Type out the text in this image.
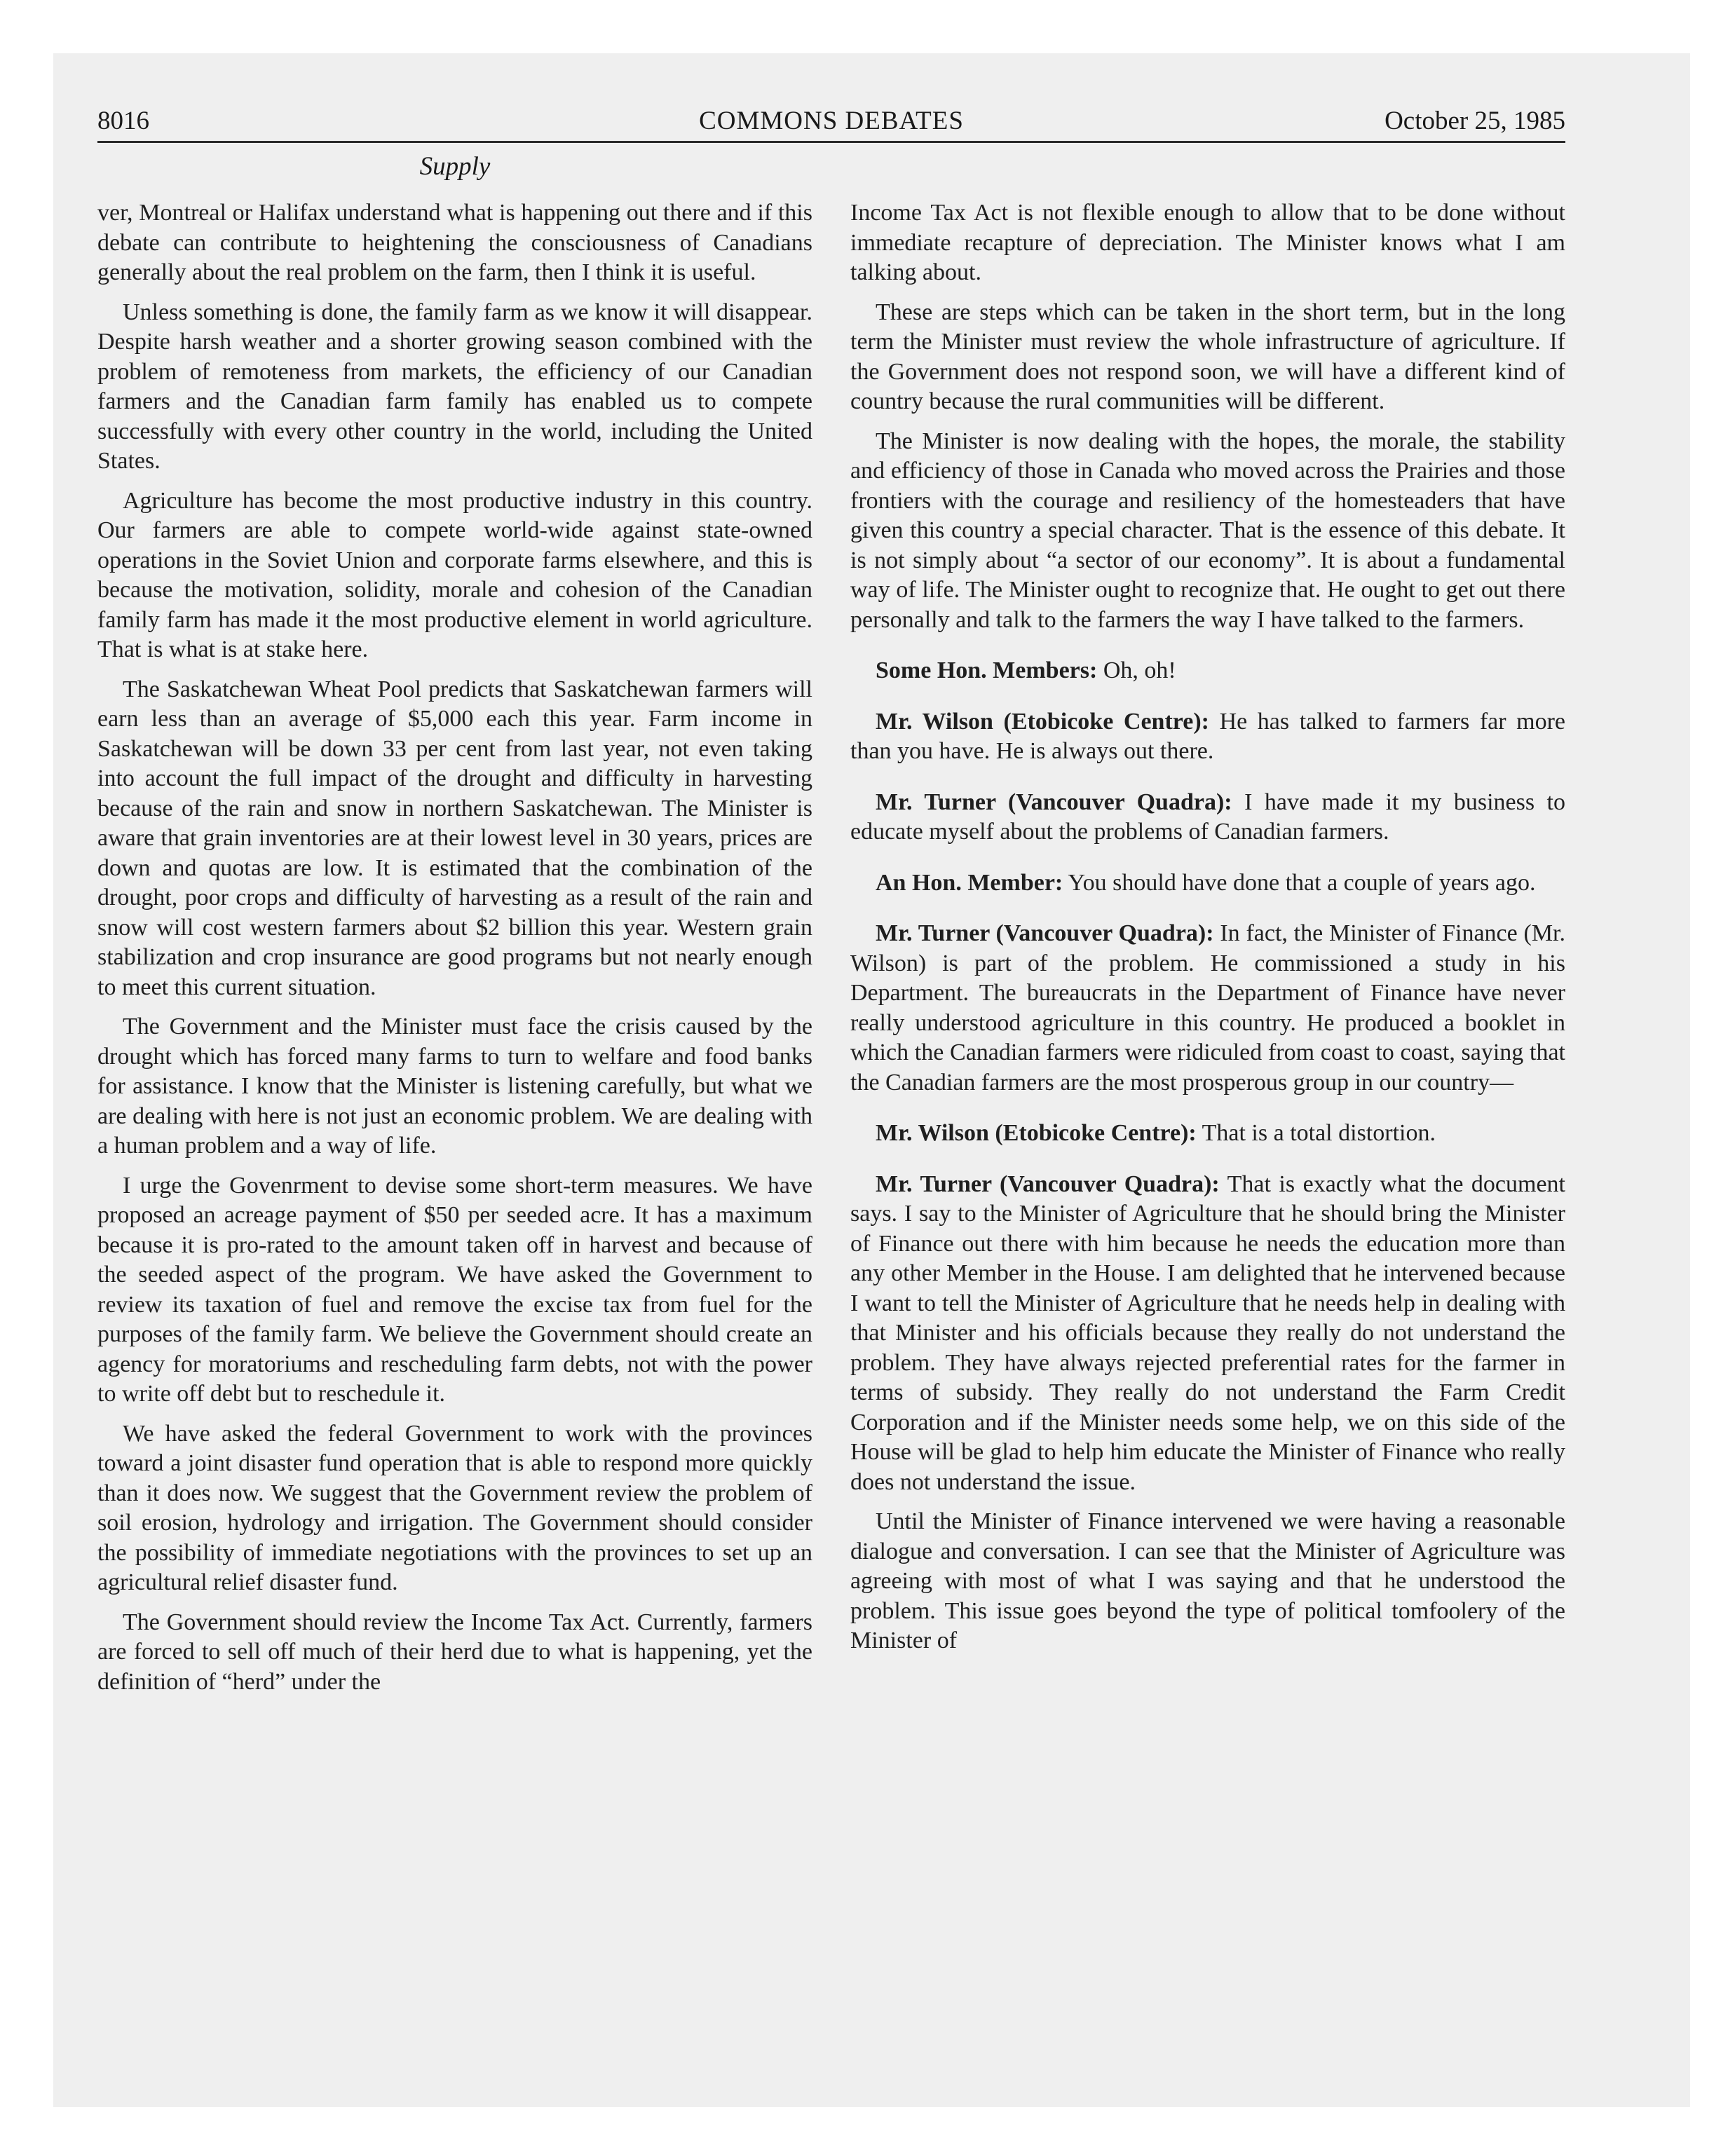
8016	COMMONS DEBATES	October 25, 1985
Supply

ver, Montreal or Halifax understand what is happening out there and if this debate can contribute to heightening the consciousness of Canadians generally about the real problem on the farm, then I think it is useful.

Unless something is done, the family farm as we know it will disappear. Despite harsh weather and a shorter growing season combined with the problem of remoteness from markets, the efficiency of our Canadian farmers and the Canadian farm family has enabled us to compete successfully with every other country in the world, including the United States.

Agriculture has become the most productive industry in this country. Our farmers are able to compete world-wide against state-owned operations in the Soviet Union and corporate farms elsewhere, and this is because the motivation, solidity, morale and cohesion of the Canadian family farm has made it the most productive element in world agriculture. That is what is at stake here.

The Saskatchewan Wheat Pool predicts that Saskatchewan farmers will earn less than an average of $5,000 each this year. Farm income in Saskatchewan will be down 33 per cent from last year, not even taking into account the full impact of the drought and difficulty in harvesting because of the rain and snow in northern Saskatchewan. The Minister is aware that grain inventories are at their lowest level in 30 years, prices are down and quotas are low. It is estimated that the combination of the drought, poor crops and difficulty of harvesting as a result of the rain and snow will cost western farmers about $2 billion this year. Western grain stabilization and crop insurance are good programs but not nearly enough to meet this current situation.

The Government and the Minister must face the crisis caused by the drought which has forced many farms to turn to welfare and food banks for assistance. I know that the Minister is listening carefully, but what we are dealing with here is not just an economic problem. We are dealing with a human problem and a way of life.

I urge the Govenrment to devise some short-term measures. We have proposed an acreage payment of $50 per seeded acre. It has a maximum because it is pro-rated to the amount taken off in harvest and because of the seeded aspect of the program. We have asked the Government to review its taxation of fuel and remove the excise tax from fuel for the purposes of the family farm. We believe the Government should create an agency for moratoriums and rescheduling farm debts, not with the power to write off debt but to reschedule it.

We have asked the federal Government to work with the provinces toward a joint disaster fund operation that is able to respond more quickly than it does now. We suggest that the Government review the problem of soil erosion, hydrology and irrigation. The Government should consider the possibility of immediate negotiations with the provinces to set up an agricultural relief disaster fund.

The Government should review the Income Tax Act. Currently, farmers are forced to sell off much of their herd due to what is happening, yet the definition of “herd” under the

Income Tax Act is not flexible enough to allow that to be done without immediate recapture of depreciation. The Minister knows what I am talking about.

These are steps which can be taken in the short term, but in the long term the Minister must review the whole infrastructure of agriculture. If the Government does not respond soon, we will have a different kind of country because the rural communities will be different.

The Minister is now dealing with the hopes, the morale, the stability and efficiency of those in Canada who moved across the Prairies and those frontiers with the courage and resiliency of the homesteaders that have given this country a special character. That is the essence of this debate. It is not simply about “a sector of our economy”. It is about a fundamental way of life. The Minister ought to recognize that. He ought to get out there personally and talk to the farmers the way I have talked to the farmers.

Some Hon. Members: Oh, oh!

Mr. Wilson (Etobicoke Centre): He has talked to farmers far more than you have. He is always out there.

Mr. Turner (Vancouver Quadra): I have made it my business to educate myself about the problems of Canadian farmers.

An Hon. Member: You should have done that a couple of years ago.

Mr. Turner (Vancouver Quadra): In fact, the Minister of Finance (Mr. Wilson) is part of the problem. He commissioned a study in his Department. The bureaucrats in the Department of Finance have never really understood agriculture in this country. He produced a booklet in which the Canadian farmers were ridiculed from coast to coast, saying that the Canadian farmers are the most prosperous group in our country—

Mr. Wilson (Etobicoke Centre): That is a total distortion.

Mr. Turner (Vancouver Quadra): That is exactly what the document says. I say to the Minister of Agriculture that he should bring the Minister of Finance out there with him because he needs the education more than any other Member in the House. I am delighted that he intervened because I want to tell the Minister of Agriculture that he needs help in dealing with that Minister and his officials because they really do not understand the problem. They have always rejected preferential rates for the farmer in terms of subsidy. They really do not understand the Farm Credit Corporation and if the Minister needs some help, we on this side of the House will be glad to help him educate the Minister of Finance who really does not understand the issue.

Until the Minister of Finance intervened we were having a reasonable dialogue and conversation. I can see that the Minister of Agriculture was agreeing with most of what I was saying and that he understood the problem. This issue goes beyond the type of political tomfoolery of the Minister of
